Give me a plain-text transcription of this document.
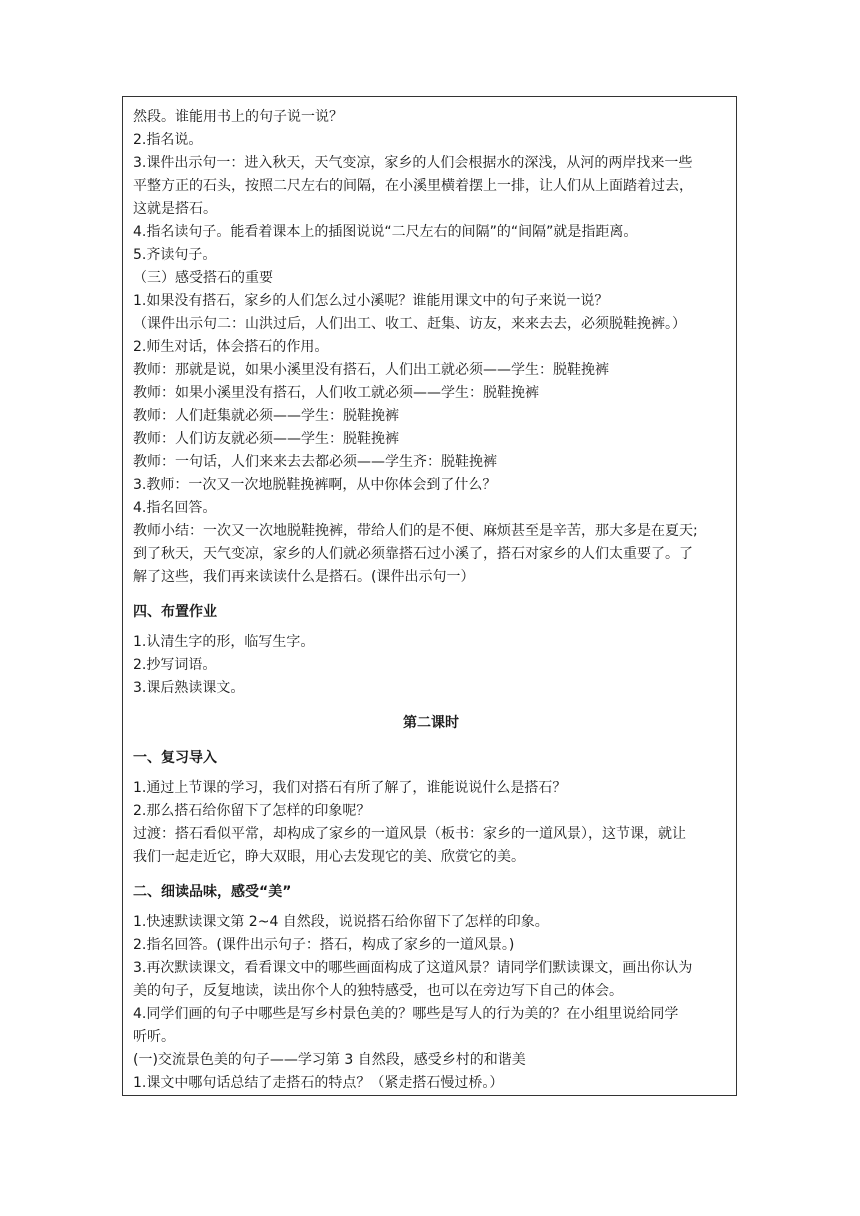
然段。谁能用书上的句子说一说？

2.指名说。

3.课件出示句一：进入秋天，天气变凉，家乡的人们会根据水的深浅，从河的两岸找来一些

平整方正的石头，按照二尺左右的间隔，在小溪里横着摆上一排，让人们从上面踏着过去，

这就是搭石。

4.指名读句子。能看着课本上的插图说说“二尺左右的间隔”的“间隔”就是指距离。

5.齐读句子。

（三）感受搭石的重要

1.如果没有搭石，家乡的人们怎么过小溪呢？谁能用课文中的句子来说一说？

（课件出示句二：山洪过后，人们出工、收工、赶集、访友，来来去去，必须脱鞋挽裤。）

2.师生对话，体会搭石的作用。

教师：那就是说，如果小溪里没有搭石，人们出工就必须——学生：脱鞋挽裤

教师：如果小溪里没有搭石，人们收工就必须——学生：脱鞋挽裤

教师：人们赶集就必须——学生：脱鞋挽裤

教师：人们访友就必须——学生：脱鞋挽裤

教师：一句话，人们来来去去都必须——学生齐：脱鞋挽裤

3.教师：一次又一次地脱鞋挽裤啊，从中你体会到了什么？

4.指名回答。

教师小结：一次又一次地脱鞋挽裤，带给人们的是不便、麻烦甚至是辛苦，那大多是在夏天;

到了秋天，天气变凉，家乡的人们就必须靠搭石过小溪了，搭石对家乡的人们太重要了。了

解了这些，我们再来读读什么是搭石。(课件出示句一）

四、布置作业

1.认清生字的形，临写生字。

2.抄写词语。

3.课后熟读课文。

第二课时

一、复习导入

1.通过上节课的学习，我们对搭石有所了解了，谁能说说什么是搭石？

2.那么搭石给你留下了怎样的印象呢？

过渡：搭石看似平常，却构成了家乡的一道风景（板书：家乡的一道风景），这节课，就让

我们一起走近它，睁大双眼，用心去发现它的美、欣赏它的美。

二、细读品味，感受“美”

1.快速默读课文第 2~4 自然段，说说搭石给你留下了怎样的印象。

2.指名回答。(课件出示句子：搭石，构成了家乡的一道风景。)

3.再次默读课文，看看课文中的哪些画面构成了这道风景？请同学们默读课文，画出你认为

美的句子，反复地读，读出你个人的独特感受，也可以在旁边写下自己的体会。

4.同学们画的句子中哪些是写乡村景色美的？哪些是写人的行为美的？在小组里说给同学

听听。

(一)交流景色美的句子——学习第 3 自然段，感受乡村的和谐美

1.课文中哪句话总结了走搭石的特点？（紧走搭石慢过桥。）
